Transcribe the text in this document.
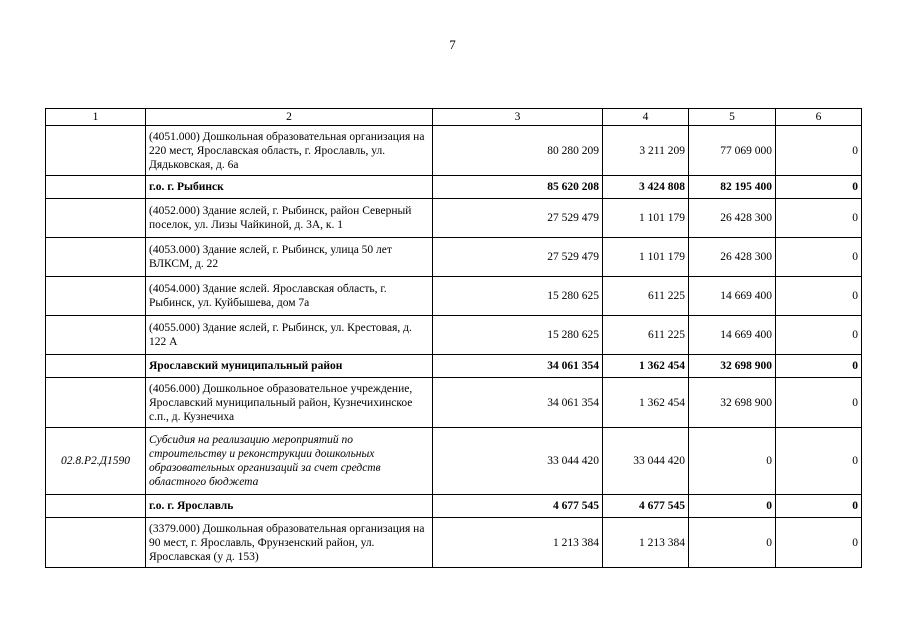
7
1	2	3	4	5	6
	(4051.000) Дошкольная образовательная организация на 220 мест, Ярославская область, г. Ярославль, ул. Дядьковская, д. 6а	80 280 209	3 211 209	77 069 000	0
	г.о. г. Рыбинск	85 620 208	3 424 808	82 195 400	0
	(4052.000) Здание яслей, г. Рыбинск, район Северный поселок, ул. Лизы Чайкиной, д. 3А, к. 1	27 529 479	1 101 179	26 428 300	0
	(4053.000) Здание яслей, г. Рыбинск, улица 50 лет ВЛКСМ, д. 22	27 529 479	1 101 179	26 428 300	0
	(4054.000) Здание яслей. Ярославская область, г. Рыбинск, ул. Куйбышева, дом 7а	15 280 625	611 225	14 669 400	0
	(4055.000) Здание яслей, г. Рыбинск, ул. Крестовая, д. 122 А	15 280 625	611 225	14 669 400	0
	Ярославский муниципальный район	34 061 354	1 362 454	32 698 900	0
	(4056.000) Дошкольное образовательное учреждение, Ярославский муниципальный район, Кузнечихинское с.п., д. Кузнечиха	34 061 354	1 362 454	32 698 900	0
02.8.Р2.Д1590	Субсидия на реализацию мероприятий по строительству и реконструкции дошкольных образовательных организаций за счет средств областного бюджета	33 044 420	33 044 420	0	0
	г.о. г. Ярославль	4 677 545	4 677 545	0	0
	(3379.000) Дошкольная образовательная организация на 90 мест, г. Ярославль, Фрунзенский район, ул. Ярославская (у д. 153)	1 213 384	1 213 384	0	0
